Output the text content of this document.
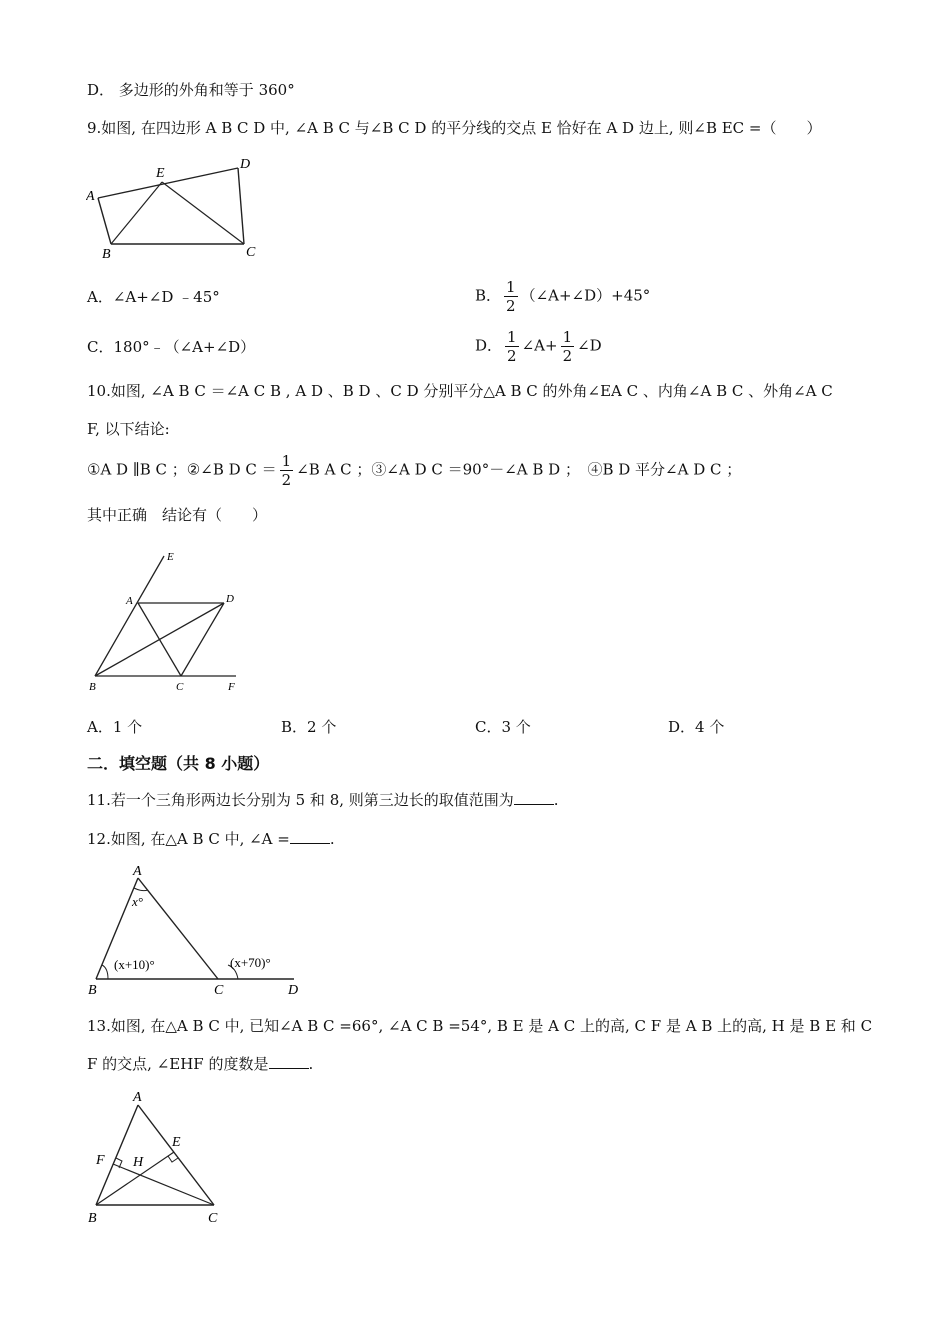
D． 多边形的外角和等于 360°
9.如图, 在四边形 A B C D 中, ∠A B C 与∠B C D 的平分线的交点 E 恰好在 A D 边上, 则∠B EC =（　　）
A
E
D
B	C
A．∠A+∠D ﹣45°	B． $\frac{1}{2}$ （∠A+∠D）+45°
C．180°﹣（∠A+∠D）	D． $\frac{1}{2}$ ∠A+ $\frac{1}{2}$ ∠D
10.如图, ∠A B C ＝∠A C B , A D 、B D 、C D 分别平分△A B C 的外角∠EA C 、内角∠A B C 、外角∠A C
F, 以下结论:
①A D ∥B C ；②∠B D $C = \frac{1}{2}$ ∠B A C ；③∠A D C ＝90°－∠A B D ；　④B D 平分∠A D C ；
其中正确　结论有（　　）
E
A	D
B	C	F
A．1 个	B．2 个	C．3 个	D．4 个
二．填空题（共 8 小题）
11.若一个三角形两边长分别为 5 和 8, 则第三边长的取值范围为	.
12.如图, 在△A B C 中, ∠A =	.
A
x°
(x+10)°	(x+70)°
B	C	D
13.如图, 在△A B C 中, 已知∠A B C =66°, ∠A C B =54°, B E 是 A C 上的高, C F 是 A B 上的高, H 是 B E 和 C
F 的交点, ∠EHF 的度数是	.
A
E
F H
B	C
